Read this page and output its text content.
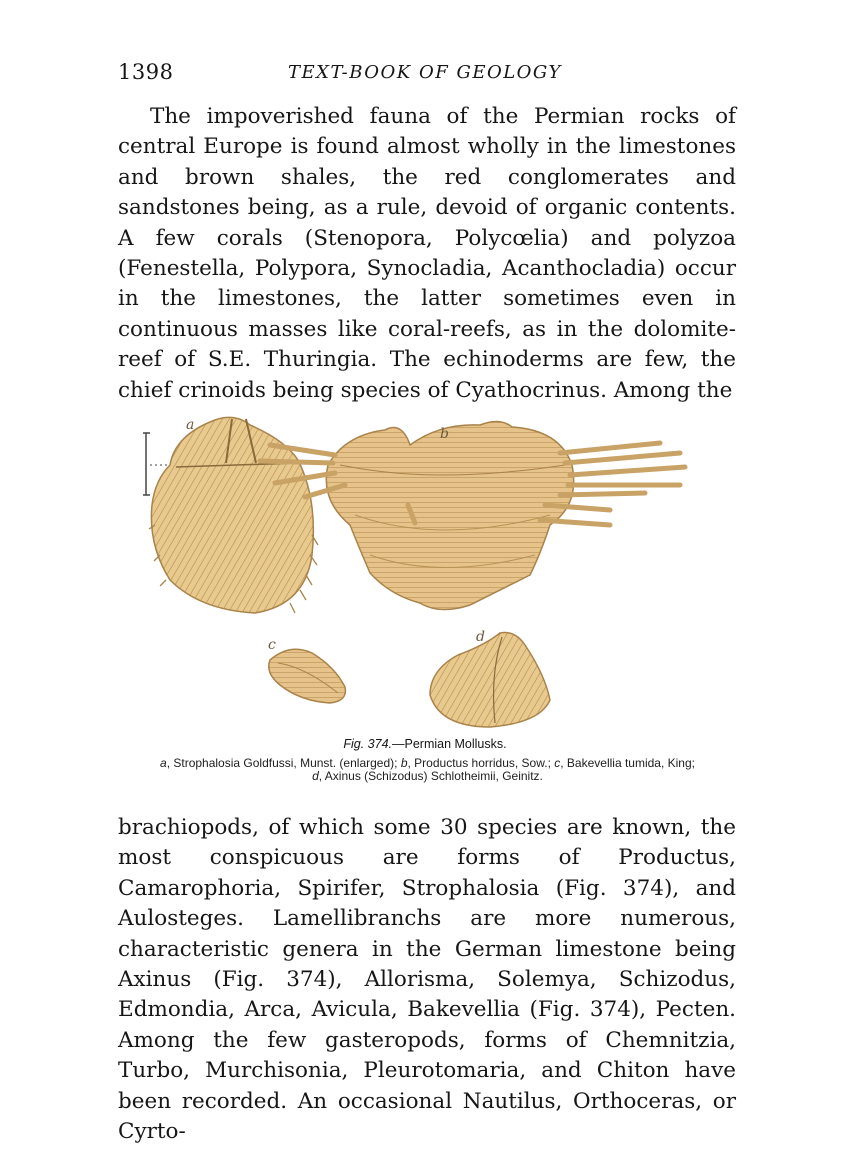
1398	TEXT-BOOK OF GEOLOGY

The impoverished fauna of the Permian rocks of central Europe is found almost wholly in the limestones and brown shales, the red conglomerates and sandstones being, as a rule, devoid of organic contents. A few corals (Stenopora, Polycœlia) and polyzoa (Fenestella, Polypora, Synocladia, Acanthocladia) occur in the limestones, the latter sometimes even in continuous masses like coral-reefs, as in the dolomite-reef of S.E. Thuringia. The echinoderms are few, the chief crinoids being species of Cyathocrinus. Among the

a
b
c	d
Fig. 374.—Permian Mollusks.
a, Strophalosia Goldfussi, Munst. (enlarged); b, Productus horridus, Sow.; c, Bakevellia tumida, King; d, Axinus (Schizodus) Schlotheimii, Geinitz.

brachiopods, of which some 30 species are known, the most conspicuous are forms of Productus, Camarophoria, Spirifer, Strophalosia (Fig. 374), and Aulosteges. Lamellibranchs are more numerous, characteristic genera in the German limestone being Axinus (Fig. 374), Allorisma, Solemya, Schizodus, Edmondia, Arca, Avicula, Bakevellia (Fig. 374), Pecten. Among the few gasteropods, forms of Chemnitzia, Turbo, Murchisonia, Pleurotomaria, and Chiton have been recorded. An occasional Nautilus, Orthoceras, or Cyrto-
